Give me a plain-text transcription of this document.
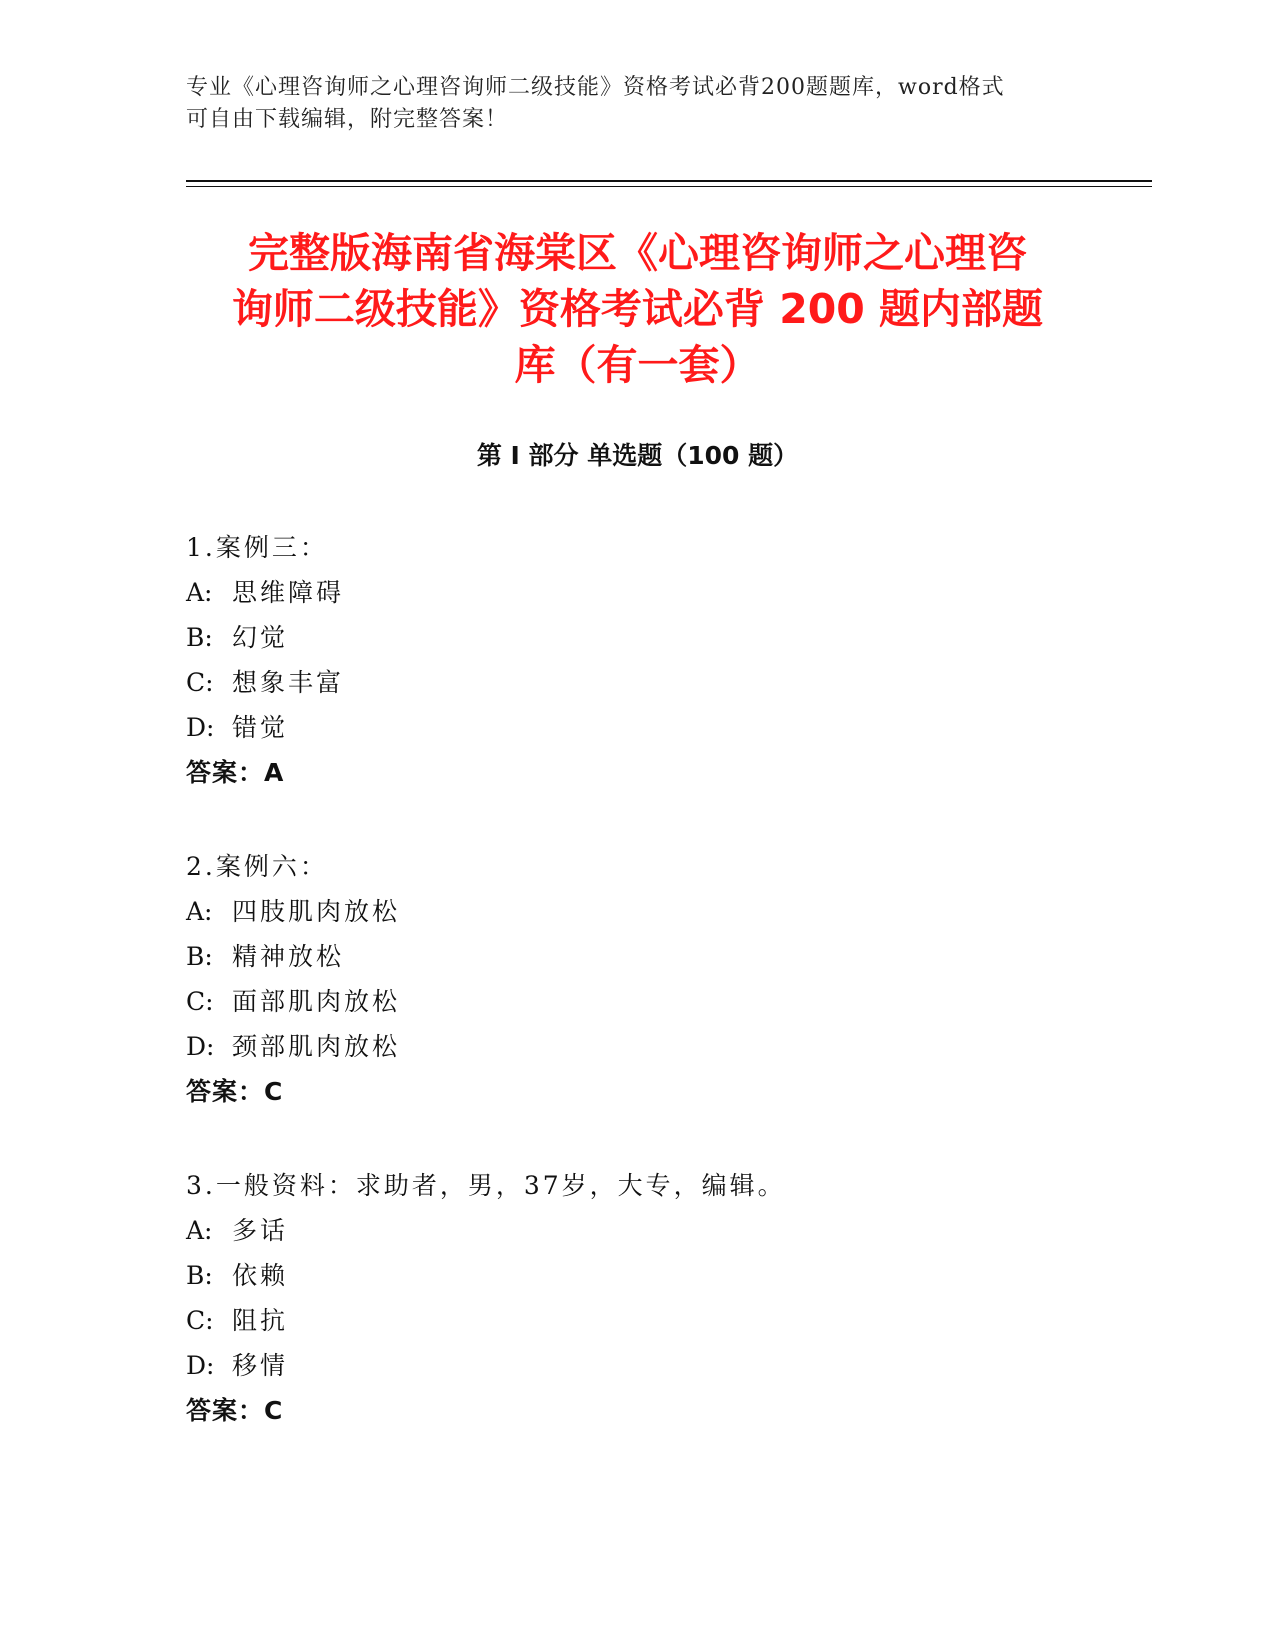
专业《心理咨询师之心理咨询师二级技能》资格考试必背200题题库，word格式
可自由下载编辑，附完整答案！
完整版海南省海棠区《心理咨询师之心理咨
询师二级技能》资格考试必背 200 题内部题
库（有一套）
第 I 部分 单选题（100 题）
1.案例三：
A: 思维障碍
B: 幻觉
C: 想象丰富
D: 错觉
答案：A
2.案例六：
A: 四肢肌肉放松
B: 精神放松
C: 面部肌肉放松
D: 颈部肌肉放松
答案：C
3.一般资料：求助者，男，37岁，大专，编辑。
A: 多话
B: 依赖
C: 阻抗
D: 移情
答案：C
